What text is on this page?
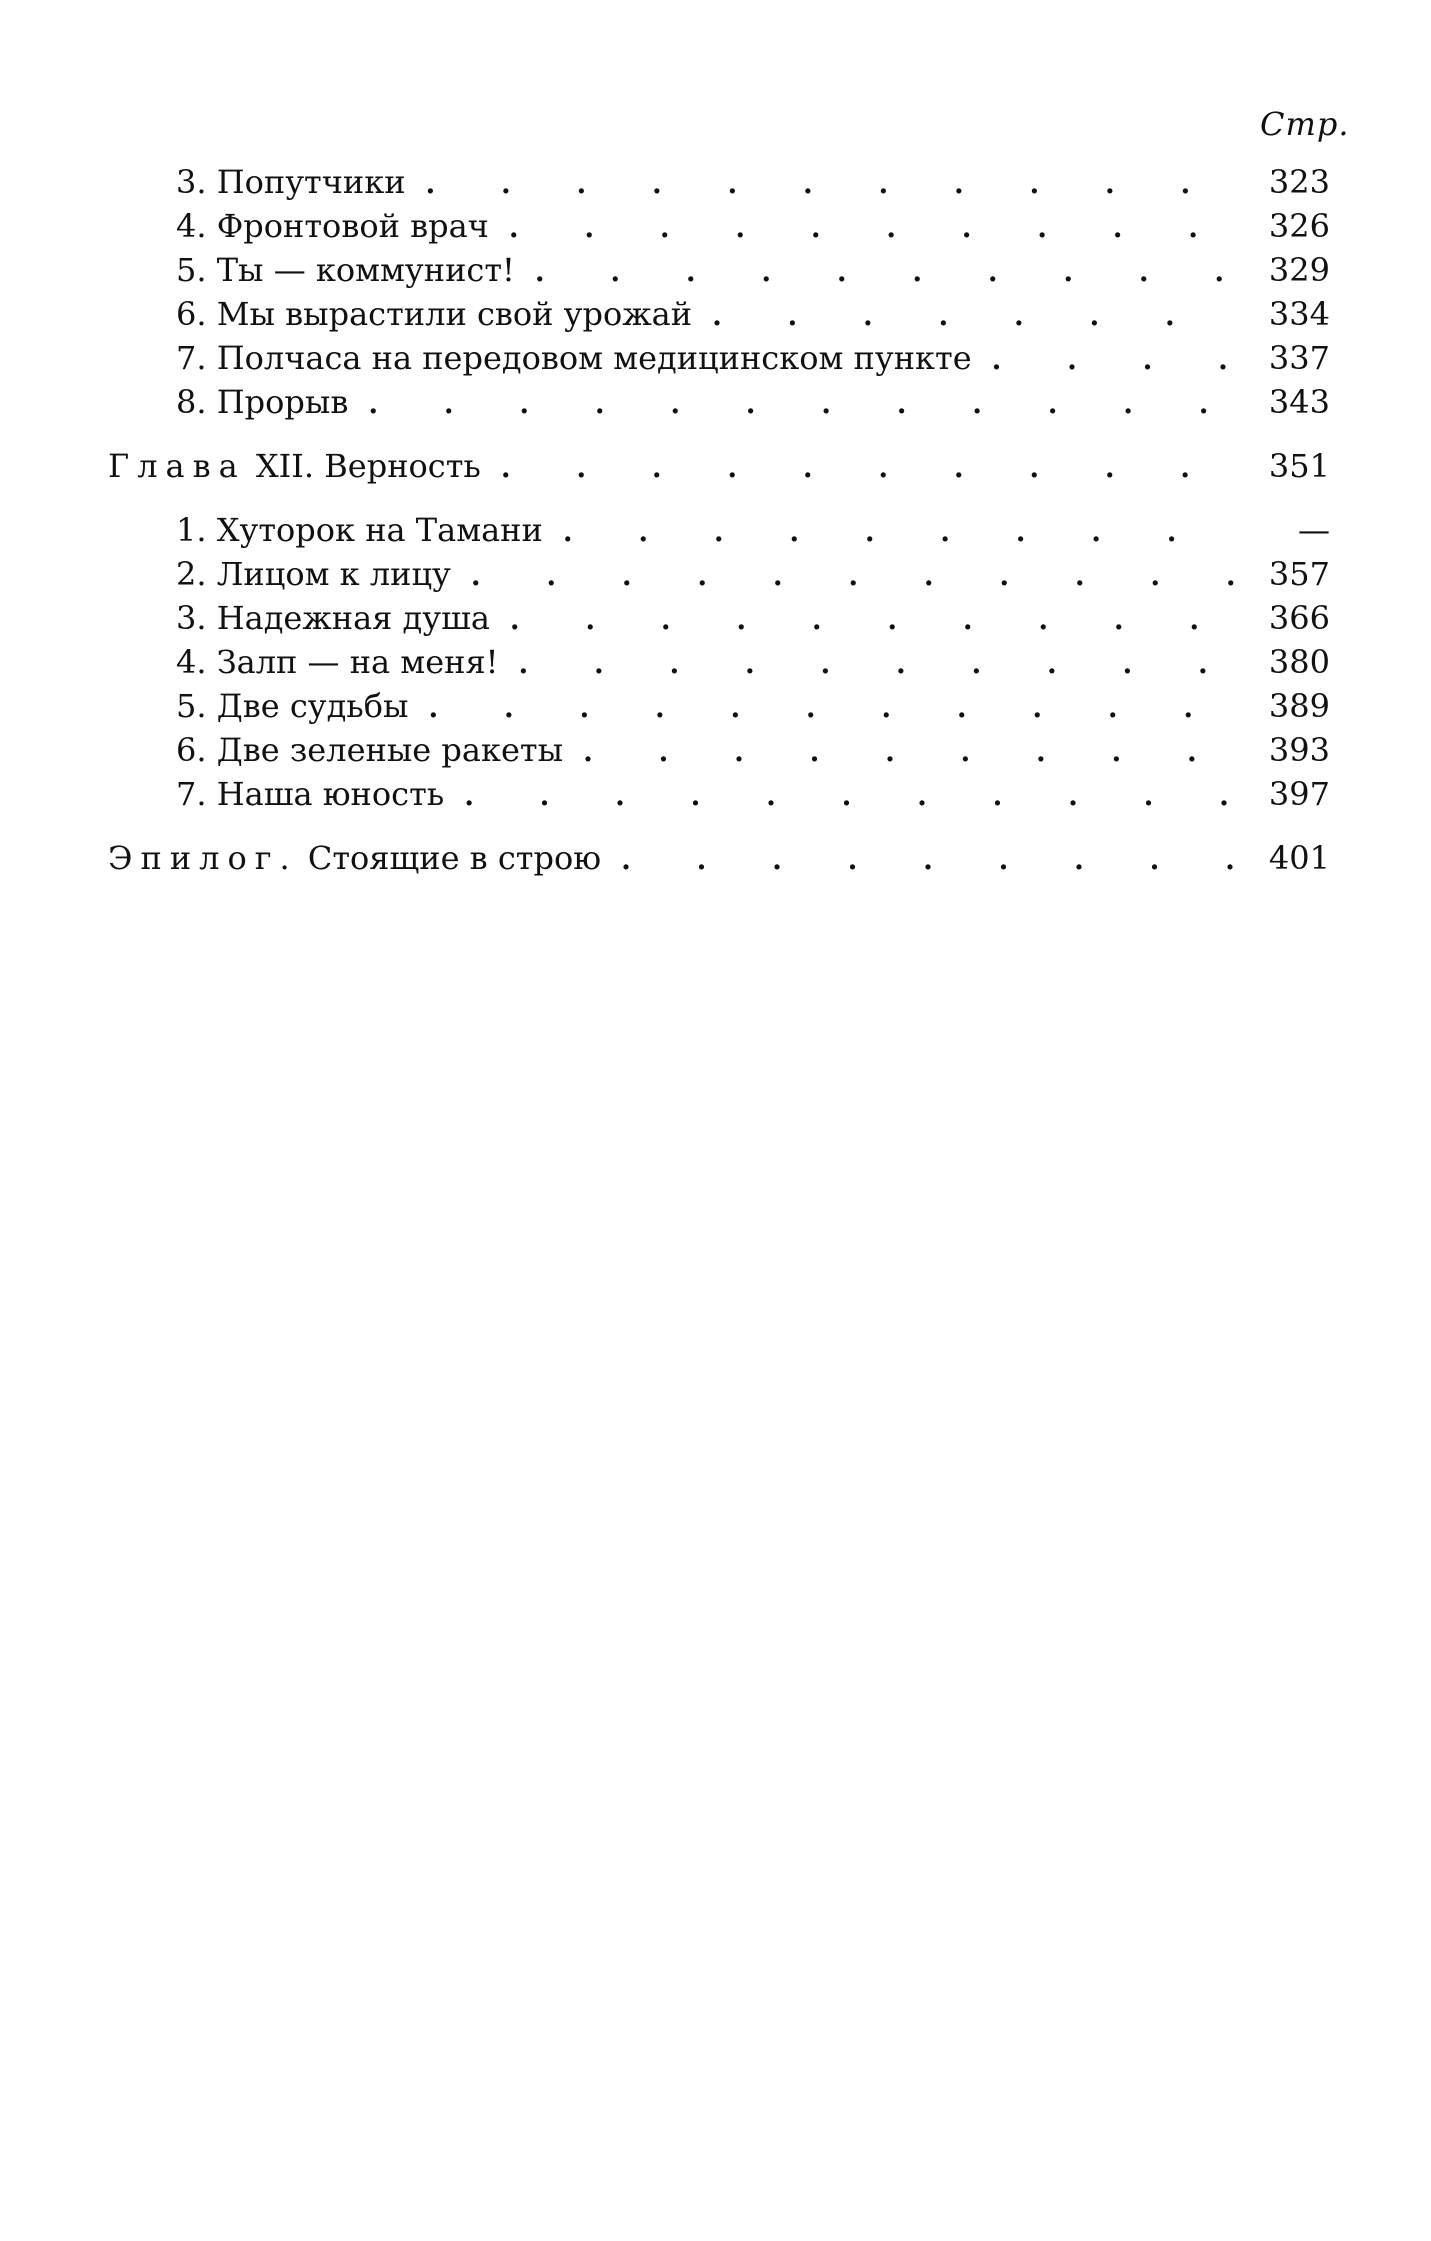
Стр.
3. Попутчики . . .	323
4. Фронтовой врач . . .	326
5. Ты — коммунист! . . .	329
6. Мы вырастили свой урожай . . .	334
7. Полчаса на передовом медицинском пункте . . .	337
8. Прорыв . . .	343
Глава XII. Верность . . .	351
1. Хуторок на Тамани . . .	—
2. Лицом к лицу . . .	357
3. Надежная душа . . .	366
4. Залп — на меня! . . .	380
5. Две судьбы . . .	389
6. Две зеленые ракеты . . .	393
7. Наша юность . . .	397
Эпилог. Стоящие в строю . . .	401
